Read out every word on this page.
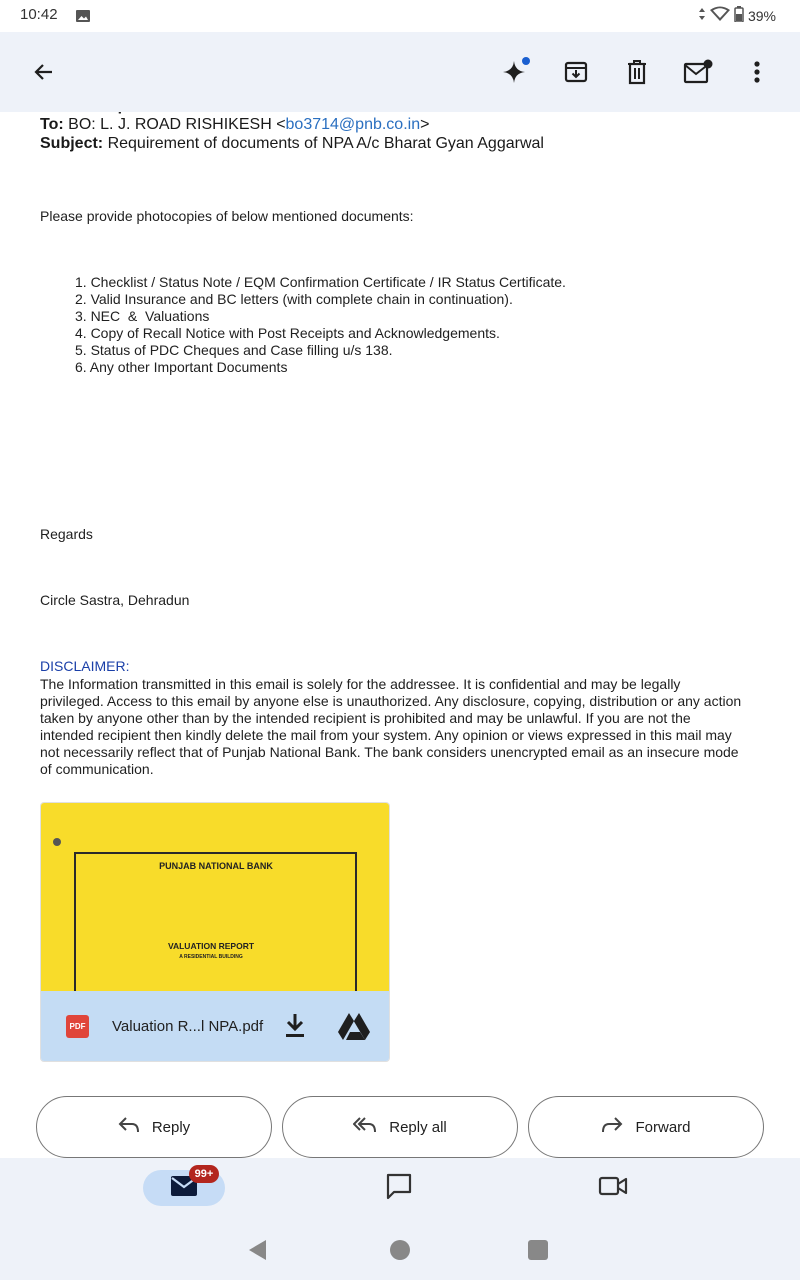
10:42	39%
To: BO: L. J. ROAD RISHIKESH <bo3714@pnb.co.in>
Subject: Requirement of documents of NPA A/c Bharat Gyan Aggarwal
Please provide photocopies of below mentioned documents:
1. Checklist / Status Note / EQM Confirmation Certificate / IR Status Certificate.
2. Valid Insurance and BC letters (with complete chain in continuation).
3. NEC  &  Valuations
4. Copy of Recall Notice with Post Receipts and Acknowledgements.
5. Status of PDC Cheques and Case filling u/s 138.
6. Any other Important Documents
Regards
Circle Sastra, Dehradun
DISCLAIMER:
The Information transmitted in this email is solely for the addressee. It is confidential and may be legally
privileged. Access to this email by anyone else is unauthorized. Any disclosure, copying, distribution or any action
taken by anyone other than by the intended recipient is prohibited and may be unlawful. If you are not the
intended recipient then kindly delete the mail from your system. Any opinion or views expressed in this mail may
not necessarily reflect that of Punjab National Bank. The bank considers unencrypted email as an insecure mode
of communication.
PUNJAB NATIONAL BANK
VALUATION REPORT
A RESIDENTIAL BUILDING
PDF Valuation R...l NPA.pdf
Reply	Reply all	Forward
99+
